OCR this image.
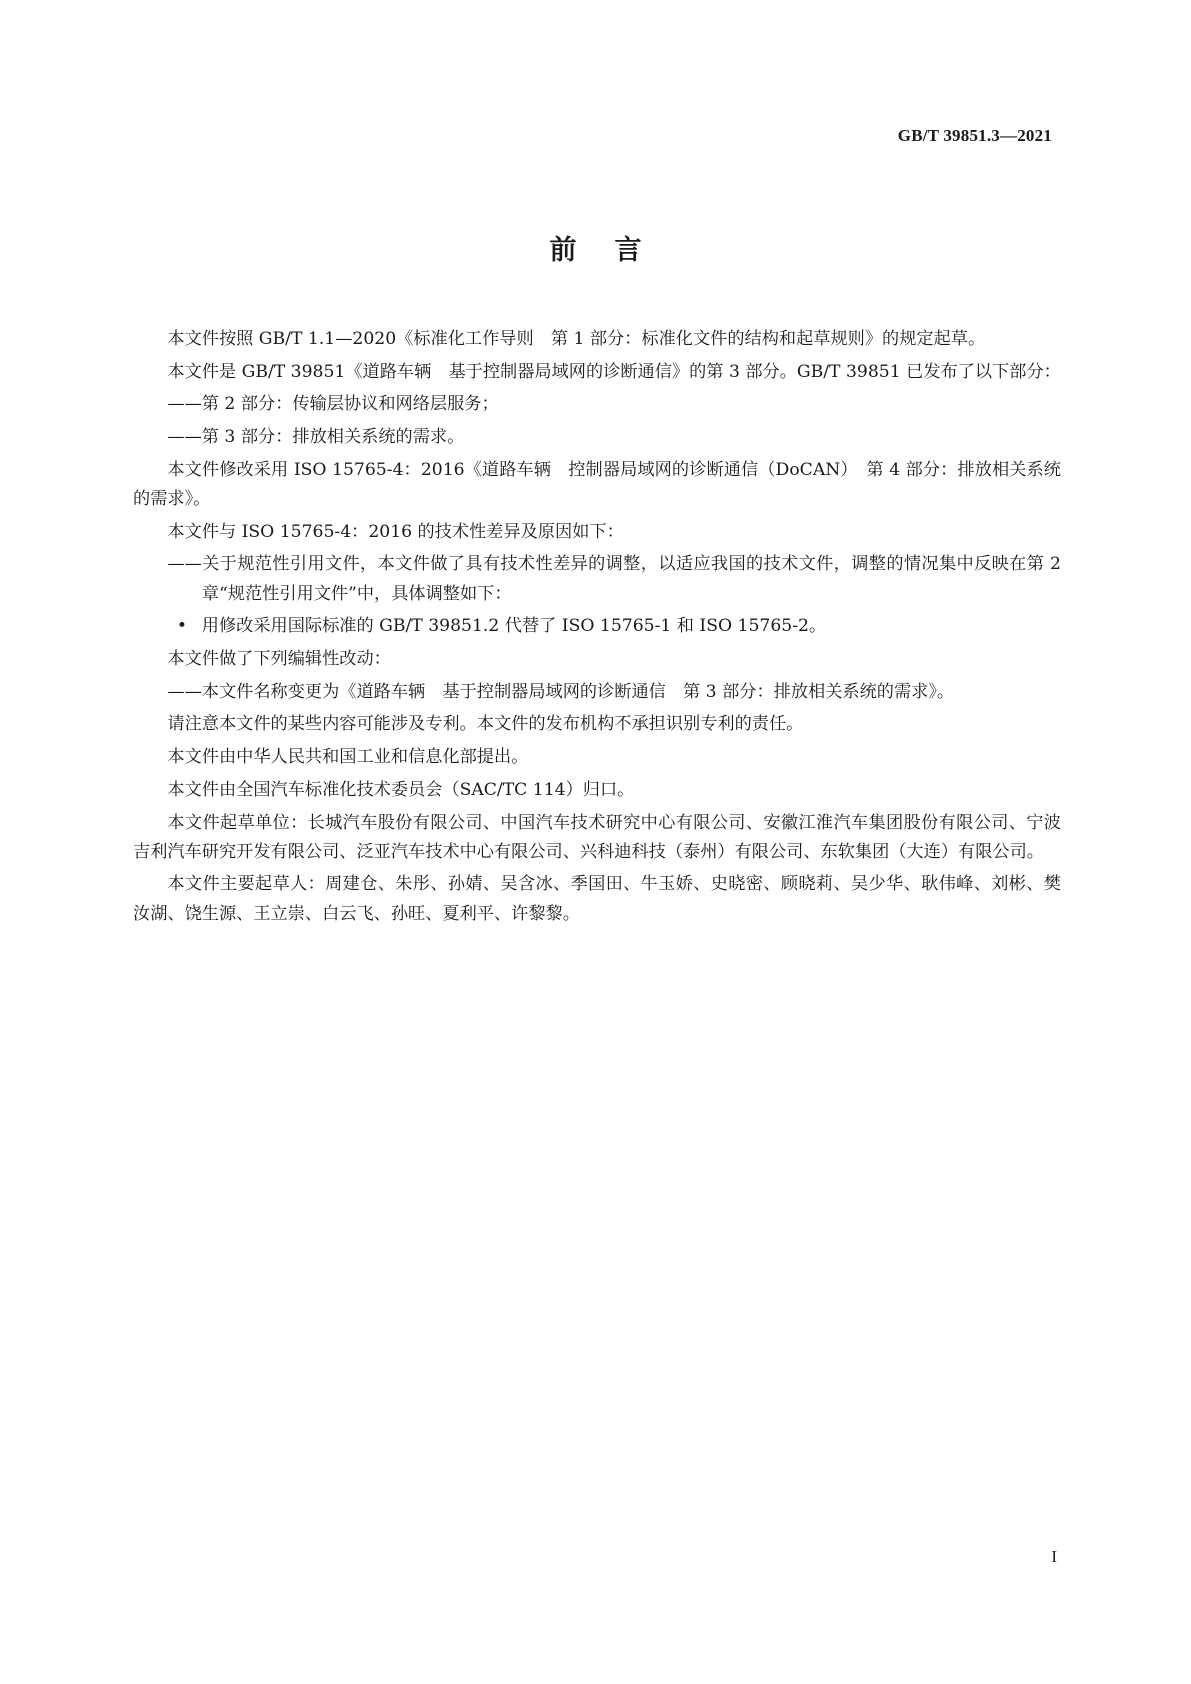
GB/T 39851.3—2021
前言

本文件按照 GB/T 1.1—2020《标准化工作导则　第 1 部分：标准化文件的结构和起草规则》的规定起草。

本文件是 GB/T 39851《道路车辆　基于控制器局域网的诊断通信》的第 3 部分。GB/T 39851 已发布了以下部分：

——第 2 部分：传输层协议和网络层服务；

——第 3 部分：排放相关系统的需求。

本文件修改采用 ISO 15765-4：2016《道路车辆　控制器局域网的诊断通信（DoCAN）　第 4 部分：排放相关系统的需求》。

本文件与 ISO 15765-4：2016 的技术性差异及原因如下：

——关于规范性引用文件，本文件做了具有技术性差异的调整，以适应我国的技术文件，调整的情况集中反映在第 2 章“规范性引用文件”中，具体调整如下：

• 用修改采用国际标准的 GB/T 39851.2 代替了 ISO 15765-1 和 ISO 15765-2。

本文件做了下列编辑性改动：

——本文件名称变更为《道路车辆　基于控制器局域网的诊断通信　第 3 部分：排放相关系统的需求》。

请注意本文件的某些内容可能涉及专利。本文件的发布机构不承担识别专利的责任。

本文件由中华人民共和国工业和信息化部提出。

本文件由全国汽车标准化技术委员会（SAC/TC 114）归口。

本文件起草单位：长城汽车股份有限公司、中国汽车技术研究中心有限公司、安徽江淮汽车集团股份有限公司、宁波吉利汽车研究开发有限公司、泛亚汽车技术中心有限公司、兴科迪科技（泰州）有限公司、东软集团（大连）有限公司。

本文件主要起草人：周建仓、朱彤、孙婧、吴含冰、季国田、牛玉娇、史晓密、顾晓莉、吴少华、耿伟峰、刘彬、樊汝湖、饶生源、王立崇、白云飞、孙旺、夏利平、许黎黎。

I
